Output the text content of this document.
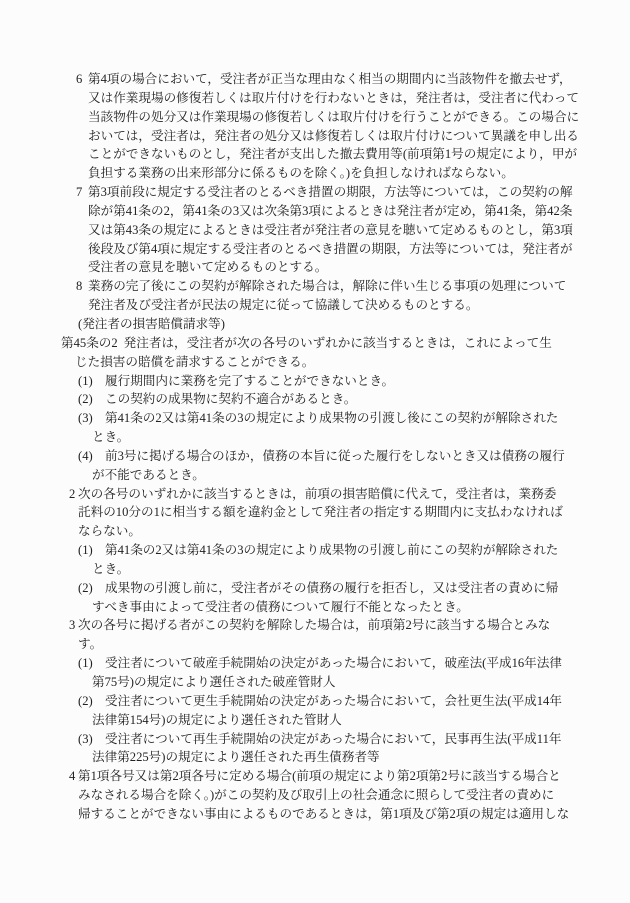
6 第4項の場合において，受注者が正当な理由なく相当の期間内に当該物件を撤去せず，
又は作業現場の修復若しくは取片付けを行わないときは，発注者は，受注者に代わって
当該物件の処分又は作業現場の修復若しくは取片付けを行うことができる。この場合に
おいては，受注者は，発注者の処分又は修復若しくは取片付けについて異議を申し出る
ことができないものとし，発注者が支出した撤去費用等(前項第1号の規定により，甲が
負担する業務の出来形部分に係るものを除く。)を負担しなければならない。
7 第3項前段に規定する受注者のとるべき措置の期限，方法等については，この契約の解
除が第41条の2，第41条の3又は次条第3項によるときは発注者が定め，第41条，第42条
又は第43条の規定によるときは受注者が発注者の意見を聴いて定めるものとし，第3項
後段及び第4項に規定する受注者のとるべき措置の期限，方法等については，発注者が
受注者の意見を聴いて定めるものとする。
8 業務の完了後にこの契約が解除された場合は，解除に伴い生じる事項の処理について
発注者及び受注者が民法の規定に従って協議して決めるものとする。
(発注者の損害賠償請求等)
第45条の2 発注者は，受注者が次の各号のいずれかに該当するときは，これによって生
じた損害の賠償を請求することができる。
(1) 履行期間内に業務を完了することができないとき。
(2) この契約の成果物に契約不適合があるとき。
(3) 第41条の2又は第41条の3の規定により成果物の引渡し後にこの契約が解除された
とき。
(4) 前3号に掲げる場合のほか，債務の本旨に従った履行をしないとき又は債務の履行
が不能であるとき。
2 次の各号のいずれかに該当するときは，前項の損害賠償に代えて，受注者は，業務委
託料の10分の1に相当する額を違約金として発注者の指定する期間内に支払わなければ
ならない。
(1) 第41条の2又は第41条の3の規定により成果物の引渡し前にこの契約が解除された
とき。
(2) 成果物の引渡し前に，受注者がその債務の履行を拒否し，又は受注者の責めに帰
すべき事由によって受注者の債務について履行不能となったとき。
3 次の各号に掲げる者がこの契約を解除した場合は，前項第2号に該当する場合とみな
す。
(1) 受注者について破産手続開始の決定があった場合において，破産法(平成16年法律
第75号)の規定により選任された破産管財人
(2) 受注者について更生手続開始の決定があった場合において，会社更生法(平成14年
法律第154号)の規定により選任された管財人
(3) 受注者について再生手続開始の決定があった場合において，民事再生法(平成11年
法律第225号)の規定により選任された再生債務者等
4 第1項各号又は第2項各号に定める場合(前項の規定により第2項第2号に該当する場合と
みなされる場合を除く。)がこの契約及び取引上の社会通念に照らして受注者の責めに
帰することができない事由によるものであるときは，第1項及び第2項の規定は適用しな
